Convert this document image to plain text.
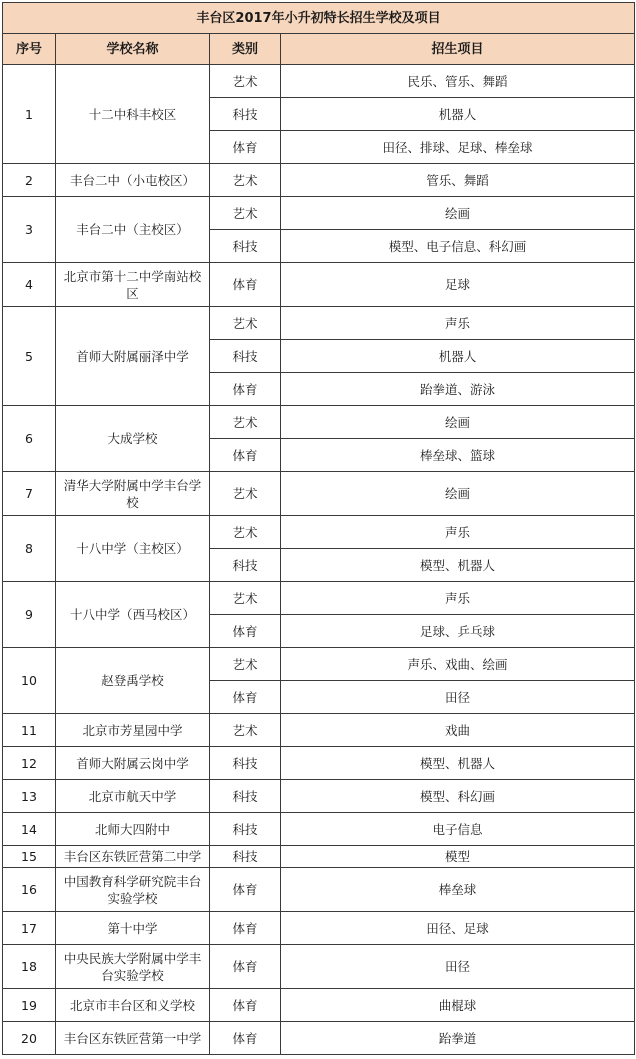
丰台区2017年小升初特长招生学校及项目			
序号	学校名称	类别	招生项目
1	十二中科丰校区	艺术	民乐、管乐、舞蹈
		科技	机器人
		体育	田径、排球、足球、棒垒球
2	丰台二中（小屯校区）	艺术	管乐、舞蹈
3	丰台二中（主校区）	艺术	绘画
		科技	模型、电子信息、科幻画
4	北京市第十二中学南站校区	体育	足球
5	首师大附属丽泽中学	艺术	声乐
		科技	机器人
		体育	跆拳道、游泳
6	大成学校	艺术	绘画
		体育	棒垒球、篮球
7	清华大学附属中学丰台学校	艺术	绘画
8	十八中学（主校区）	艺术	声乐
		科技	模型、机器人
9	十八中学（西马校区）	艺术	声乐
		体育	足球、乒乓球
10	赵登禹学校	艺术	声乐、戏曲、绘画
		体育	田径
11	北京市芳星园中学	艺术	戏曲
12	首师大附属云岗中学	科技	模型、机器人
13	北京市航天中学	科技	模型、科幻画
14	北师大四附中	科技	电子信息
15	丰台区东铁匠营第二中学	科技	模型
16	中国教育科学研究院丰台实验学校	体育	棒垒球
17	第十中学	体育	田径、足球
18	中央民族大学附属中学丰台实验学校	体育	田径
19	北京市丰台区和义学校	体育	曲棍球
20	丰台区东铁匠营第一中学	体育	跆拳道
